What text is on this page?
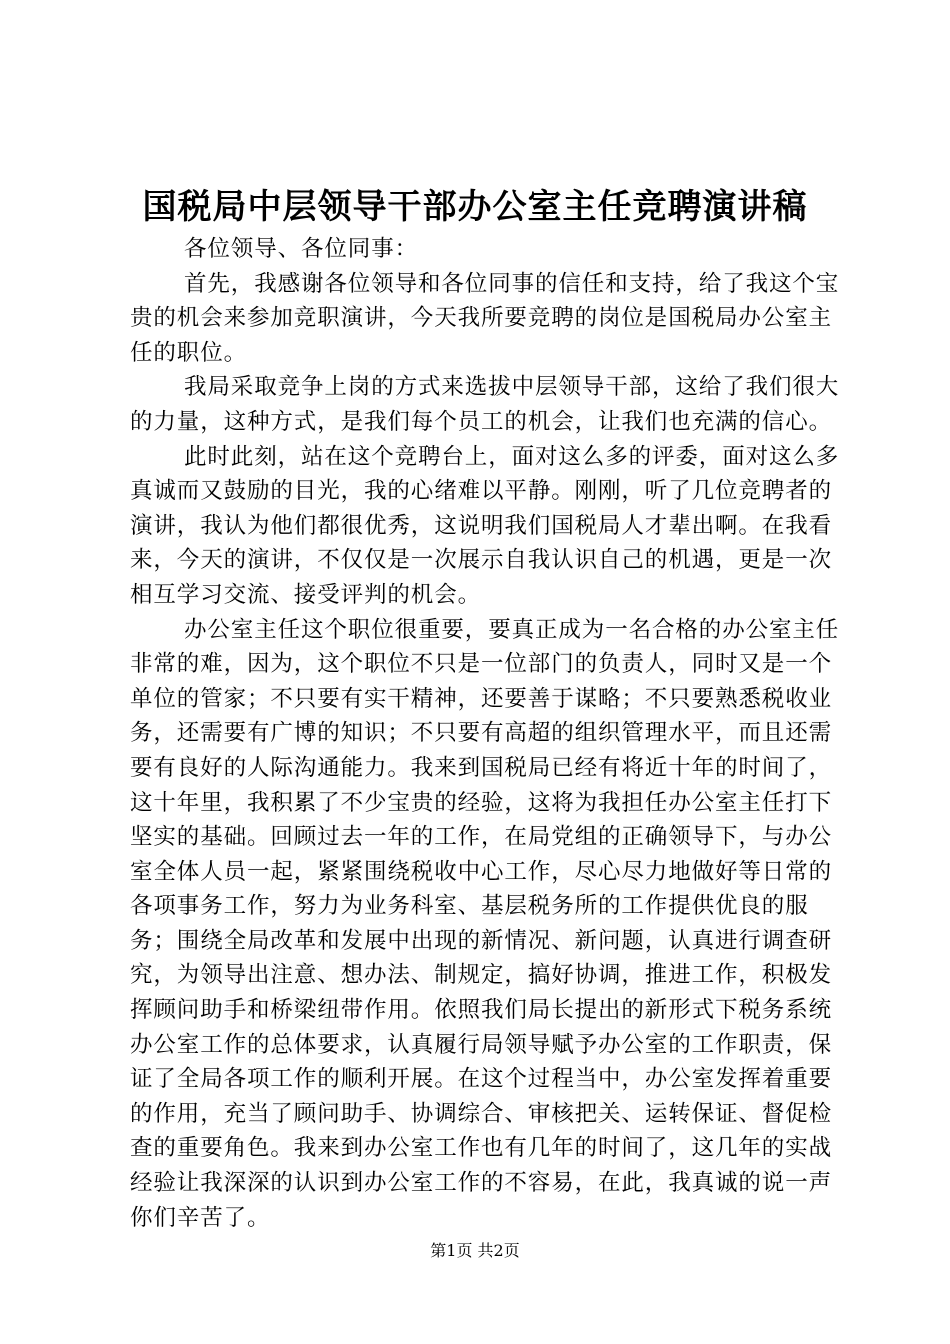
国税局中层领导干部办公室主任竞聘演讲稿

各位领导、各位同事：

首先，我感谢各位领导和各位同事的信任和支持，给了我这个宝贵的机会来参加竞职演讲，今天我所要竞聘的岗位是国税局办公室主任的职位。

我局采取竞争上岗的方式来选拔中层领导干部，这给了我们很大的力量，这种方式，是我们每个员工的机会，让我们也充满的信心。

此时此刻，站在这个竞聘台上，面对这么多的评委，面对这么多真诚而又鼓励的目光，我的心绪难以平静。刚刚，听了几位竞聘者的演讲，我认为他们都很优秀，这说明我们国税局人才辈出啊。在我看来，今天的演讲，不仅仅是一次展示自我认识自己的机遇，更是一次相互学习交流、接受评判的机会。

办公室主任这个职位很重要，要真正成为一名合格的办公室主任非常的难，因为，这个职位不只是一位部门的负责人，同时又是一个单位的管家；不只要有实干精神，还要善于谋略；不只要熟悉税收业务，还需要有广博的知识；不只要有高超的组织管理水平，而且还需要有良好的人际沟通能力。我来到国税局已经有将近十年的时间了，这十年里，我积累了不少宝贵的经验，这将为我担任办公室主任打下坚实的基础。回顾过去一年的工作，在局党组的正确领导下，与办公室全体人员一起，紧紧围绕税收中心工作，尽心尽力地做好等日常的各项事务工作，努力为业务科室、基层税务所的工作提供优良的服务；围绕全局改革和发展中出现的新情况、新问题，认真进行调查研究，为领导出注意、想办法、制规定，搞好协调，推进工作，积极发挥顾问助手和桥梁纽带作用。依照我们局长提出的新形式下税务系统办公室工作的总体要求，认真履行局领导赋予办公室的工作职责，保证了全局各项工作的顺利开展。在这个过程当中，办公室发挥着重要的作用，充当了顾问助手、协调综合、审核把关、运转保证、督促检查的重要角色。我来到办公室工作也有几年的时间了，这几年的实战经验让我深深的认识到办公室工作的不容易，在此，我真诚的说一声你们辛苦了。

第1页 共2页
